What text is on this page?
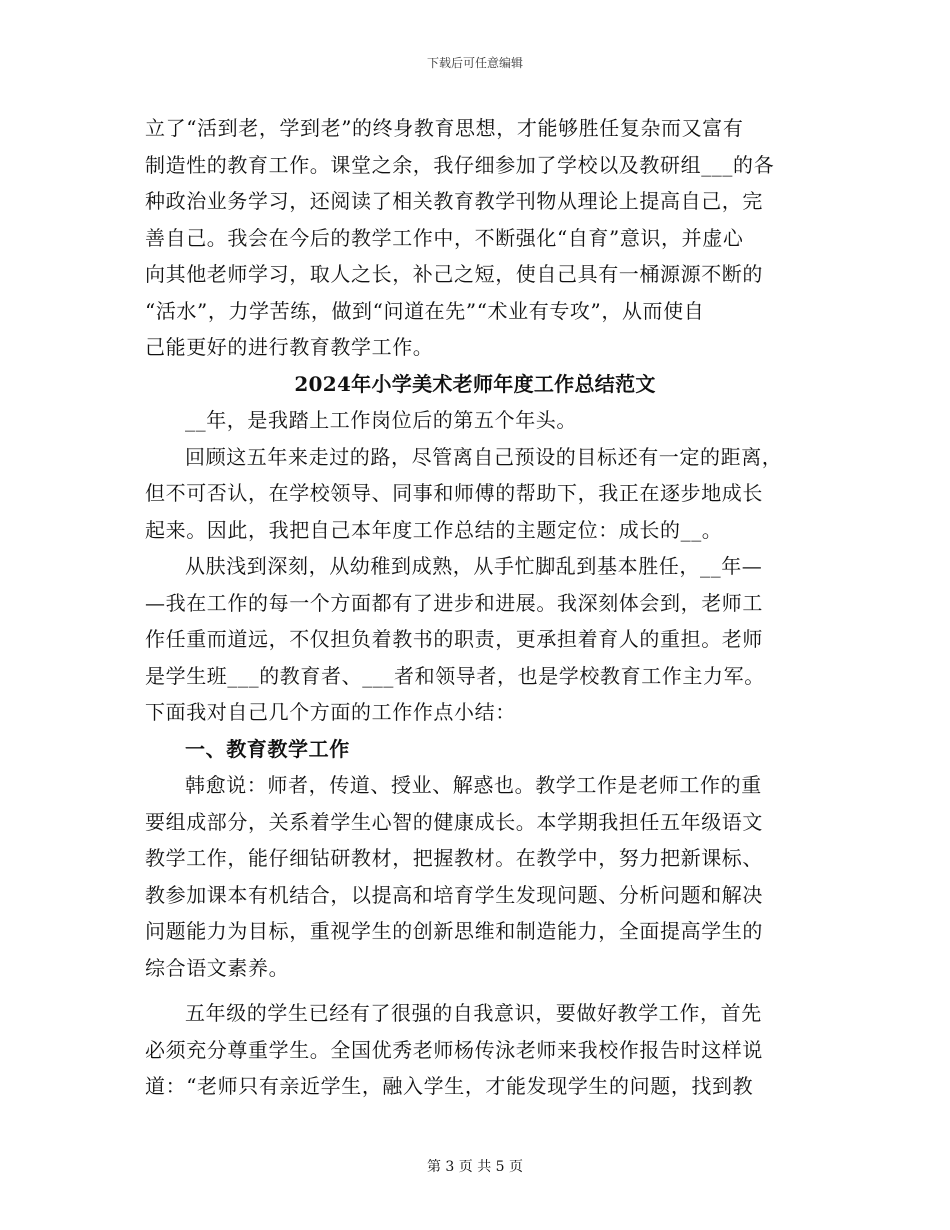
下载后可任意编辑
立了“活到老，学到老”的终身教育思想，才能够胜任复杂而又富有
制造性的教育工作。课堂之余，我仔细参加了学校以及教研组___的各
种政治业务学习，还阅读了相关教育教学刊物从理论上提高自己，完
善自己。我会在今后的教学工作中，不断强化“自育”意识，并虚心
向其他老师学习，取人之长，补己之短，使自己具有一桶源源不断的
“活水”，力学苦练，做到“问道在先”“术业有专攻”，从而使自
己能更好的进行教育教学工作。
2024年小学美术老师年度工作总结范文
__年，是我踏上工作岗位后的第五个年头。
回顾这五年来走过的路，尽管离自己预设的目标还有一定的距离，
但不可否认，在学校领导、同事和师傅的帮助下，我正在逐步地成长
起来。因此，我把自己本年度工作总结的主题定位：成长的__。
从肤浅到深刻，从幼稚到成熟，从手忙脚乱到基本胜任，__年—
—我在工作的每一个方面都有了进步和进展。我深刻体会到，老师工
作任重而道远，不仅担负着教书的职责，更承担着育人的重担。老师
是学生班___的教育者、___者和领导者，也是学校教育工作主力军。
下面我对自己几个方面的工作作点小结：
一、教育教学工作
韩愈说：师者，传道、授业、解惑也。教学工作是老师工作的重
要组成部分，关系着学生心智的健康成长。本学期我担任五年级语文
教学工作，能仔细钻研教材，把握教材。在教学中，努力把新课标、
教参加课本有机结合，以提高和培育学生发现问题、分析问题和解决
问题能力为目标，重视学生的创新思维和制造能力，全面提高学生的
综合语文素养。
五年级的学生已经有了很强的自我意识，要做好教学工作，首先
必须充分尊重学生。全国优秀老师杨传泳老师来我校作报告时这样说
道：“老师只有亲近学生，融入学生，才能发现学生的问题，找到教
第 3 页 共 5 页
